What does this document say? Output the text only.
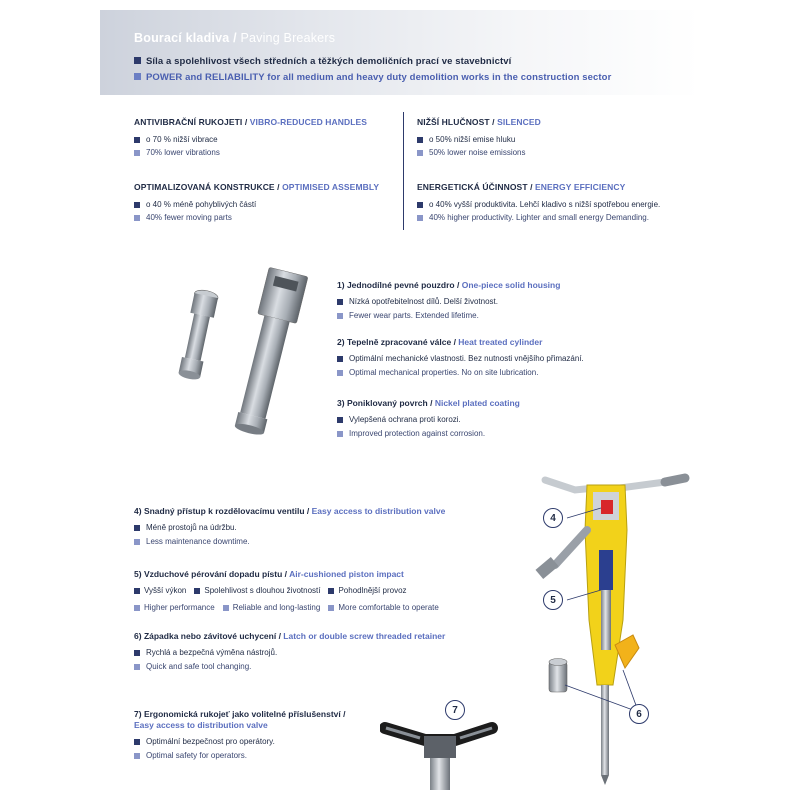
Bourací kladiva / Paving Breakers
Síla a spolehlivost všech středních a těžkých demoličních prací ve stavebnictví
POWER and RELIABILITY for all medium and heavy duty demolition works in the construction sector
ANTIVIBRAČNÍ RUKOJETI / VIBRO-REDUCED HANDLES
o 70 % nižší vibrace
70% lower vibrations
NIŽŠÍ HLUČNOST / SILENCED
o 50% nižší emise hluku
50% lower noise emissions
OPTIMALIZOVANÁ KONSTRUKCE / OPTIMISED ASSEMBLY
o 40 % méně pohyblivých částí
40% fewer moving parts
ENERGETICKÁ ÚČINNOST / ENERGY EFFICIENCY
o 40% vyšší produktivita. Lehčí kladivo s nižší spotřebou energie.
40% higher productivity. Lighter and small energy Demanding.
1) Jednodílné pevné pouzdro / One-piece solid housing
Nízká opotřebitelnost dílů. Delší životnost.
Fewer wear parts. Extended lifetime.
2) Tepelně zpracované válce / Heat treated cylinder
Optimální mechanické vlastnosti. Bez nutnosti vnějšího přimazání.
Optimal mechanical properties. No on site lubrication.
3) Poniklovaný povrch / Nickel plated coating
Vylepšená ochrana proti korozi.
Improved protection against corrosion.
4) Snadný přístup k rozdělovacímu ventilu / Easy access to distribution valve
Méně prostojů na údržbu.
Less maintenance downtime.
5) Vzduchové pérování dopadu pístu / Air-cushioned piston impact
Vyšší výkon Spolehlivost s dlouhou životností Pohodlnější provoz
Higher performance Reliable and long-lasting More comfortable to operate
6) Západka nebo závitové uchycení / Latch or double screw threaded retainer
Rychlá a bezpečná výměna nástrojů.
Quick and safe tool changing.
7) Ergonomická rukojeť jako volitelné příslušenství /
Easy access to distribution valve
Optimální bezpečnost pro operátory.
Optimal safety for operators.
4
5
6
7
